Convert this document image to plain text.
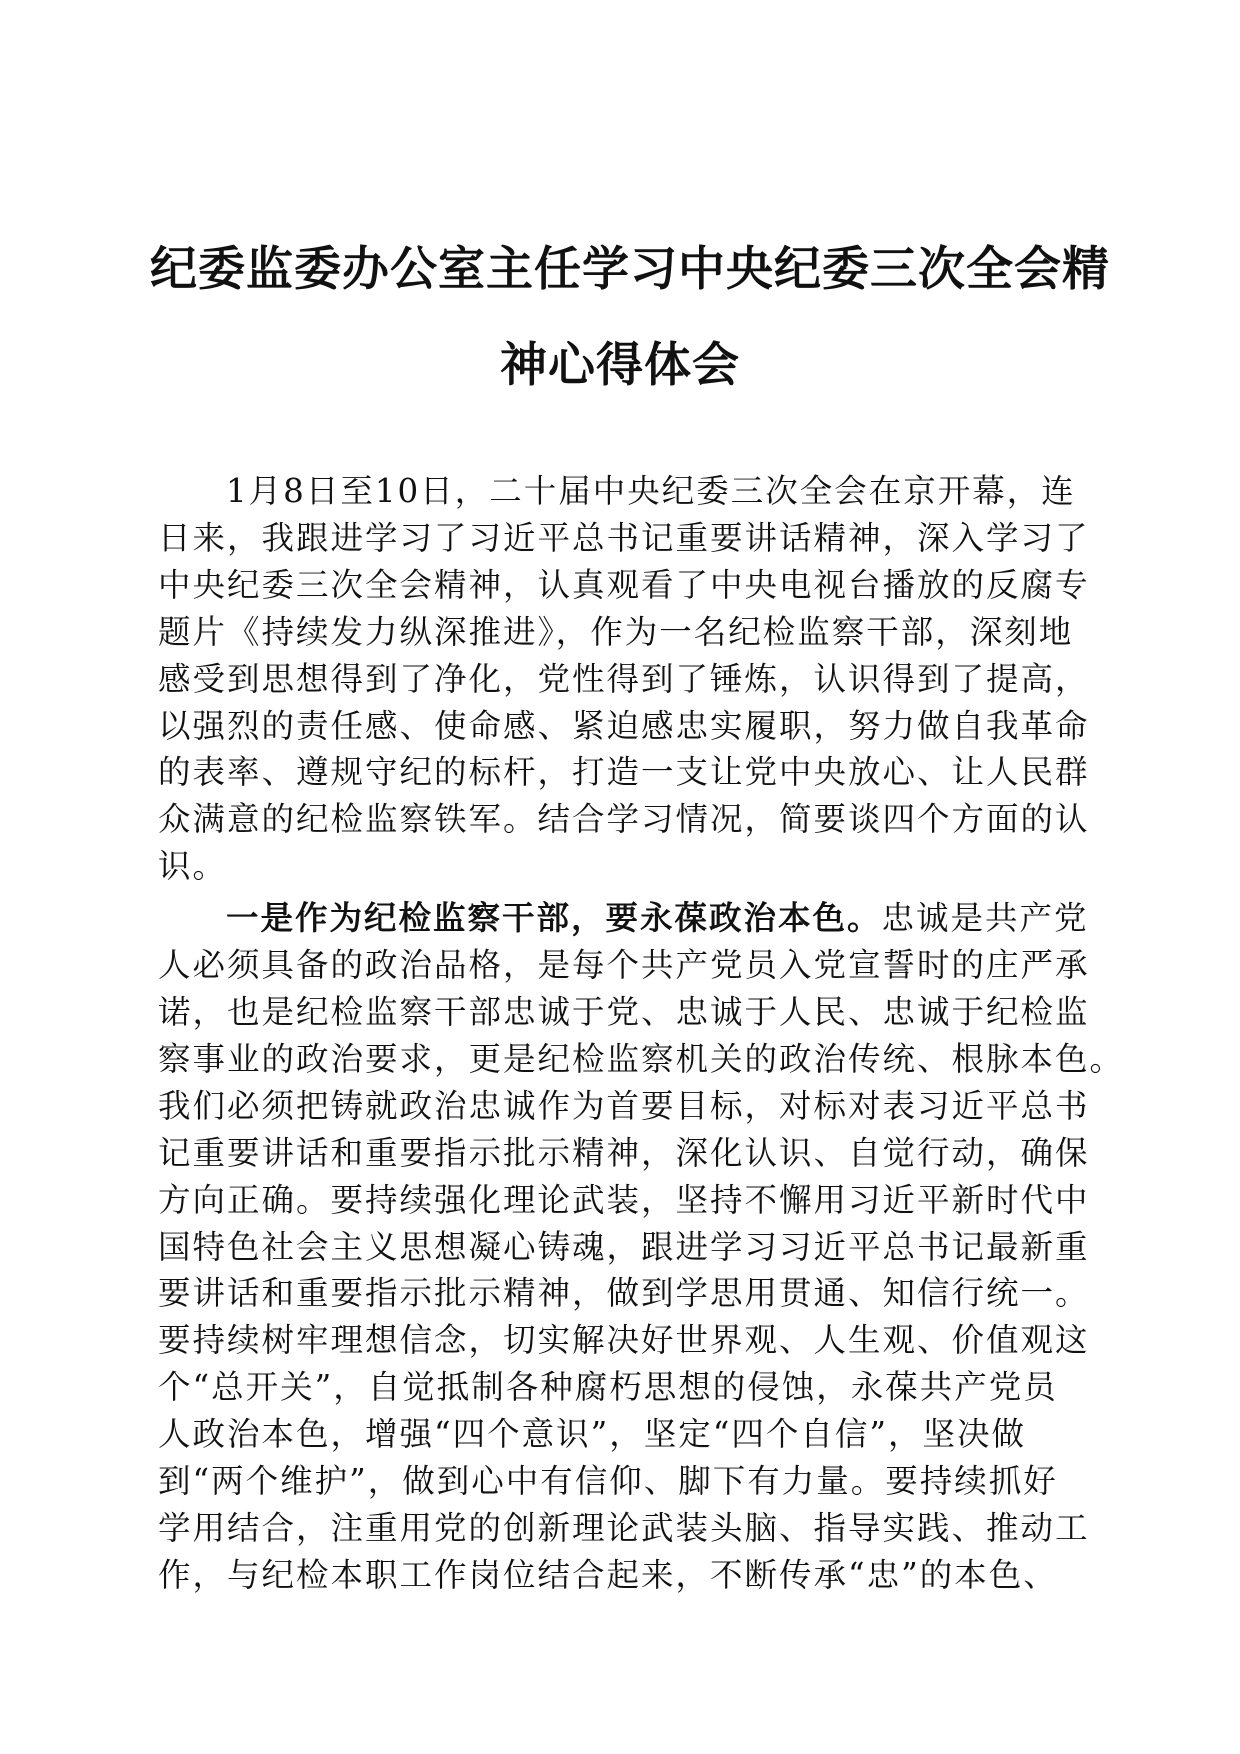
纪委监委办公室主任学习中央纪委三次全会精
神心得体会

1月8日至10日，二十届中央纪委三次全会在京开幕，连
日来，我跟进学习了习近平总书记重要讲话精神，深入学习了
中央纪委三次全会精神，认真观看了中央电视台播放的反腐专
题片《持续发力纵深推进》，作为一名纪检监察干部，深刻地
感受到思想得到了净化，党性得到了锤炼，认识得到了提高，
以强烈的责任感、使命感、紧迫感忠实履职，努力做自我革命
的表率、遵规守纪的标杆，打造一支让党中央放心、让人民群
众满意的纪检监察铁军。结合学习情况，简要谈四个方面的认
识。

一是作为纪检监察干部，要永葆政治本色。忠诚是共产党
人必须具备的政治品格，是每个共产党员入党宣誓时的庄严承
诺，也是纪检监察干部忠诚于党、忠诚于人民、忠诚于纪检监
察事业的政治要求，更是纪检监察机关的政治传统、根脉本色。
我们必须把铸就政治忠诚作为首要目标，对标对表习近平总书
记重要讲话和重要指示批示精神，深化认识、自觉行动，确保
方向正确。要持续强化理论武装，坚持不懈用习近平新时代中
国特色社会主义思想凝心铸魂，跟进学习习近平总书记最新重
要讲话和重要指示批示精神，做到学思用贯通、知信行统一。
要持续树牢理想信念，切实解决好世界观、人生观、价值观这
个“总开关”，自觉抵制各种腐朽思想的侵蚀，永葆共产党员
人政治本色，增强“四个意识”，坚定“四个自信”，坚决做
到“两个维护”，做到心中有信仰、脚下有力量。要持续抓好
学用结合，注重用党的创新理论武装头脑、指导实践、推动工
作，与纪检本职工作岗位结合起来，不断传承“忠”的本色、
